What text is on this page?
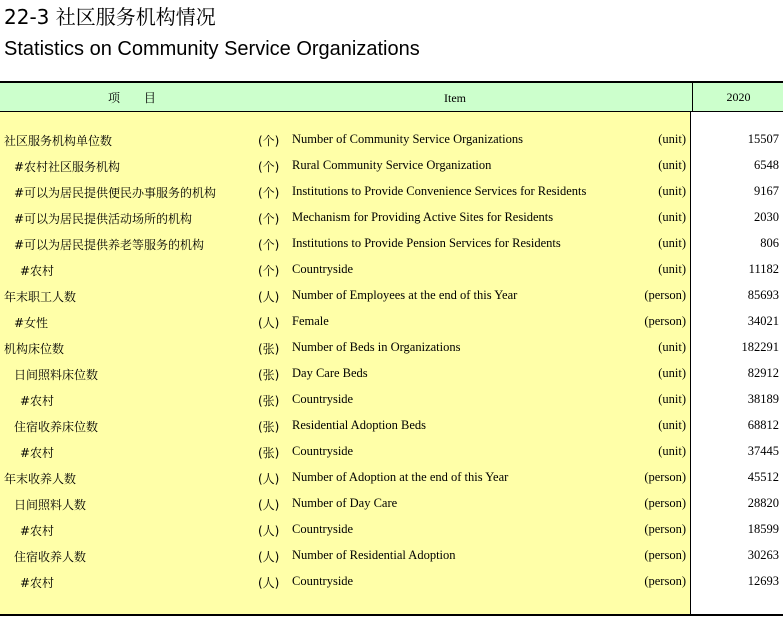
22-3 社区服务机构情况
Statistics on Community Service Organizations
项 目	Item	2020
社区服务机构单位数	(个) Number of Community Service Organizations	(unit)	15507
#农村社区服务机构	(个) Rural Community Service Organization	(unit)	6548
#可以为居民提供便民办事服务的机构	(个) Institutions to Provide Convenience Services for Residents	(unit)	9167
#可以为居民提供活动场所的机构	(个) Mechanism for Providing Active Sites for Residents	(unit)	2030
#可以为居民提供养老等服务的机构	(个) Institutions to Provide Pension Services for Residents	(unit)	806
#农村	(个) Countryside	(unit)	11182
年末职工人数	(人) Number of Employees at the end of this Year	(person)	85693
#女性	(人) Female	(person)	34021
机构床位数	(张) Number of Beds in Organizations	(unit)	182291
日间照料床位数	(张) Day Care Beds	(unit)	82912
#农村	(张) Countryside	(unit)	38189
住宿收养床位数	(张) Residential Adoption Beds	(unit)	68812
#农村	(张) Countryside	(unit)	37445
年末收养人数	(人) Number of Adoption at the end of this Year	(person)	45512
日间照料人数	(人) Number of Day Care	(person)	28820
#农村	(人) Countryside	(person)	18599
住宿收养人数	(人) Number of Residential Adoption	(person)	30263
#农村	(人) Countryside	(person)	12693
